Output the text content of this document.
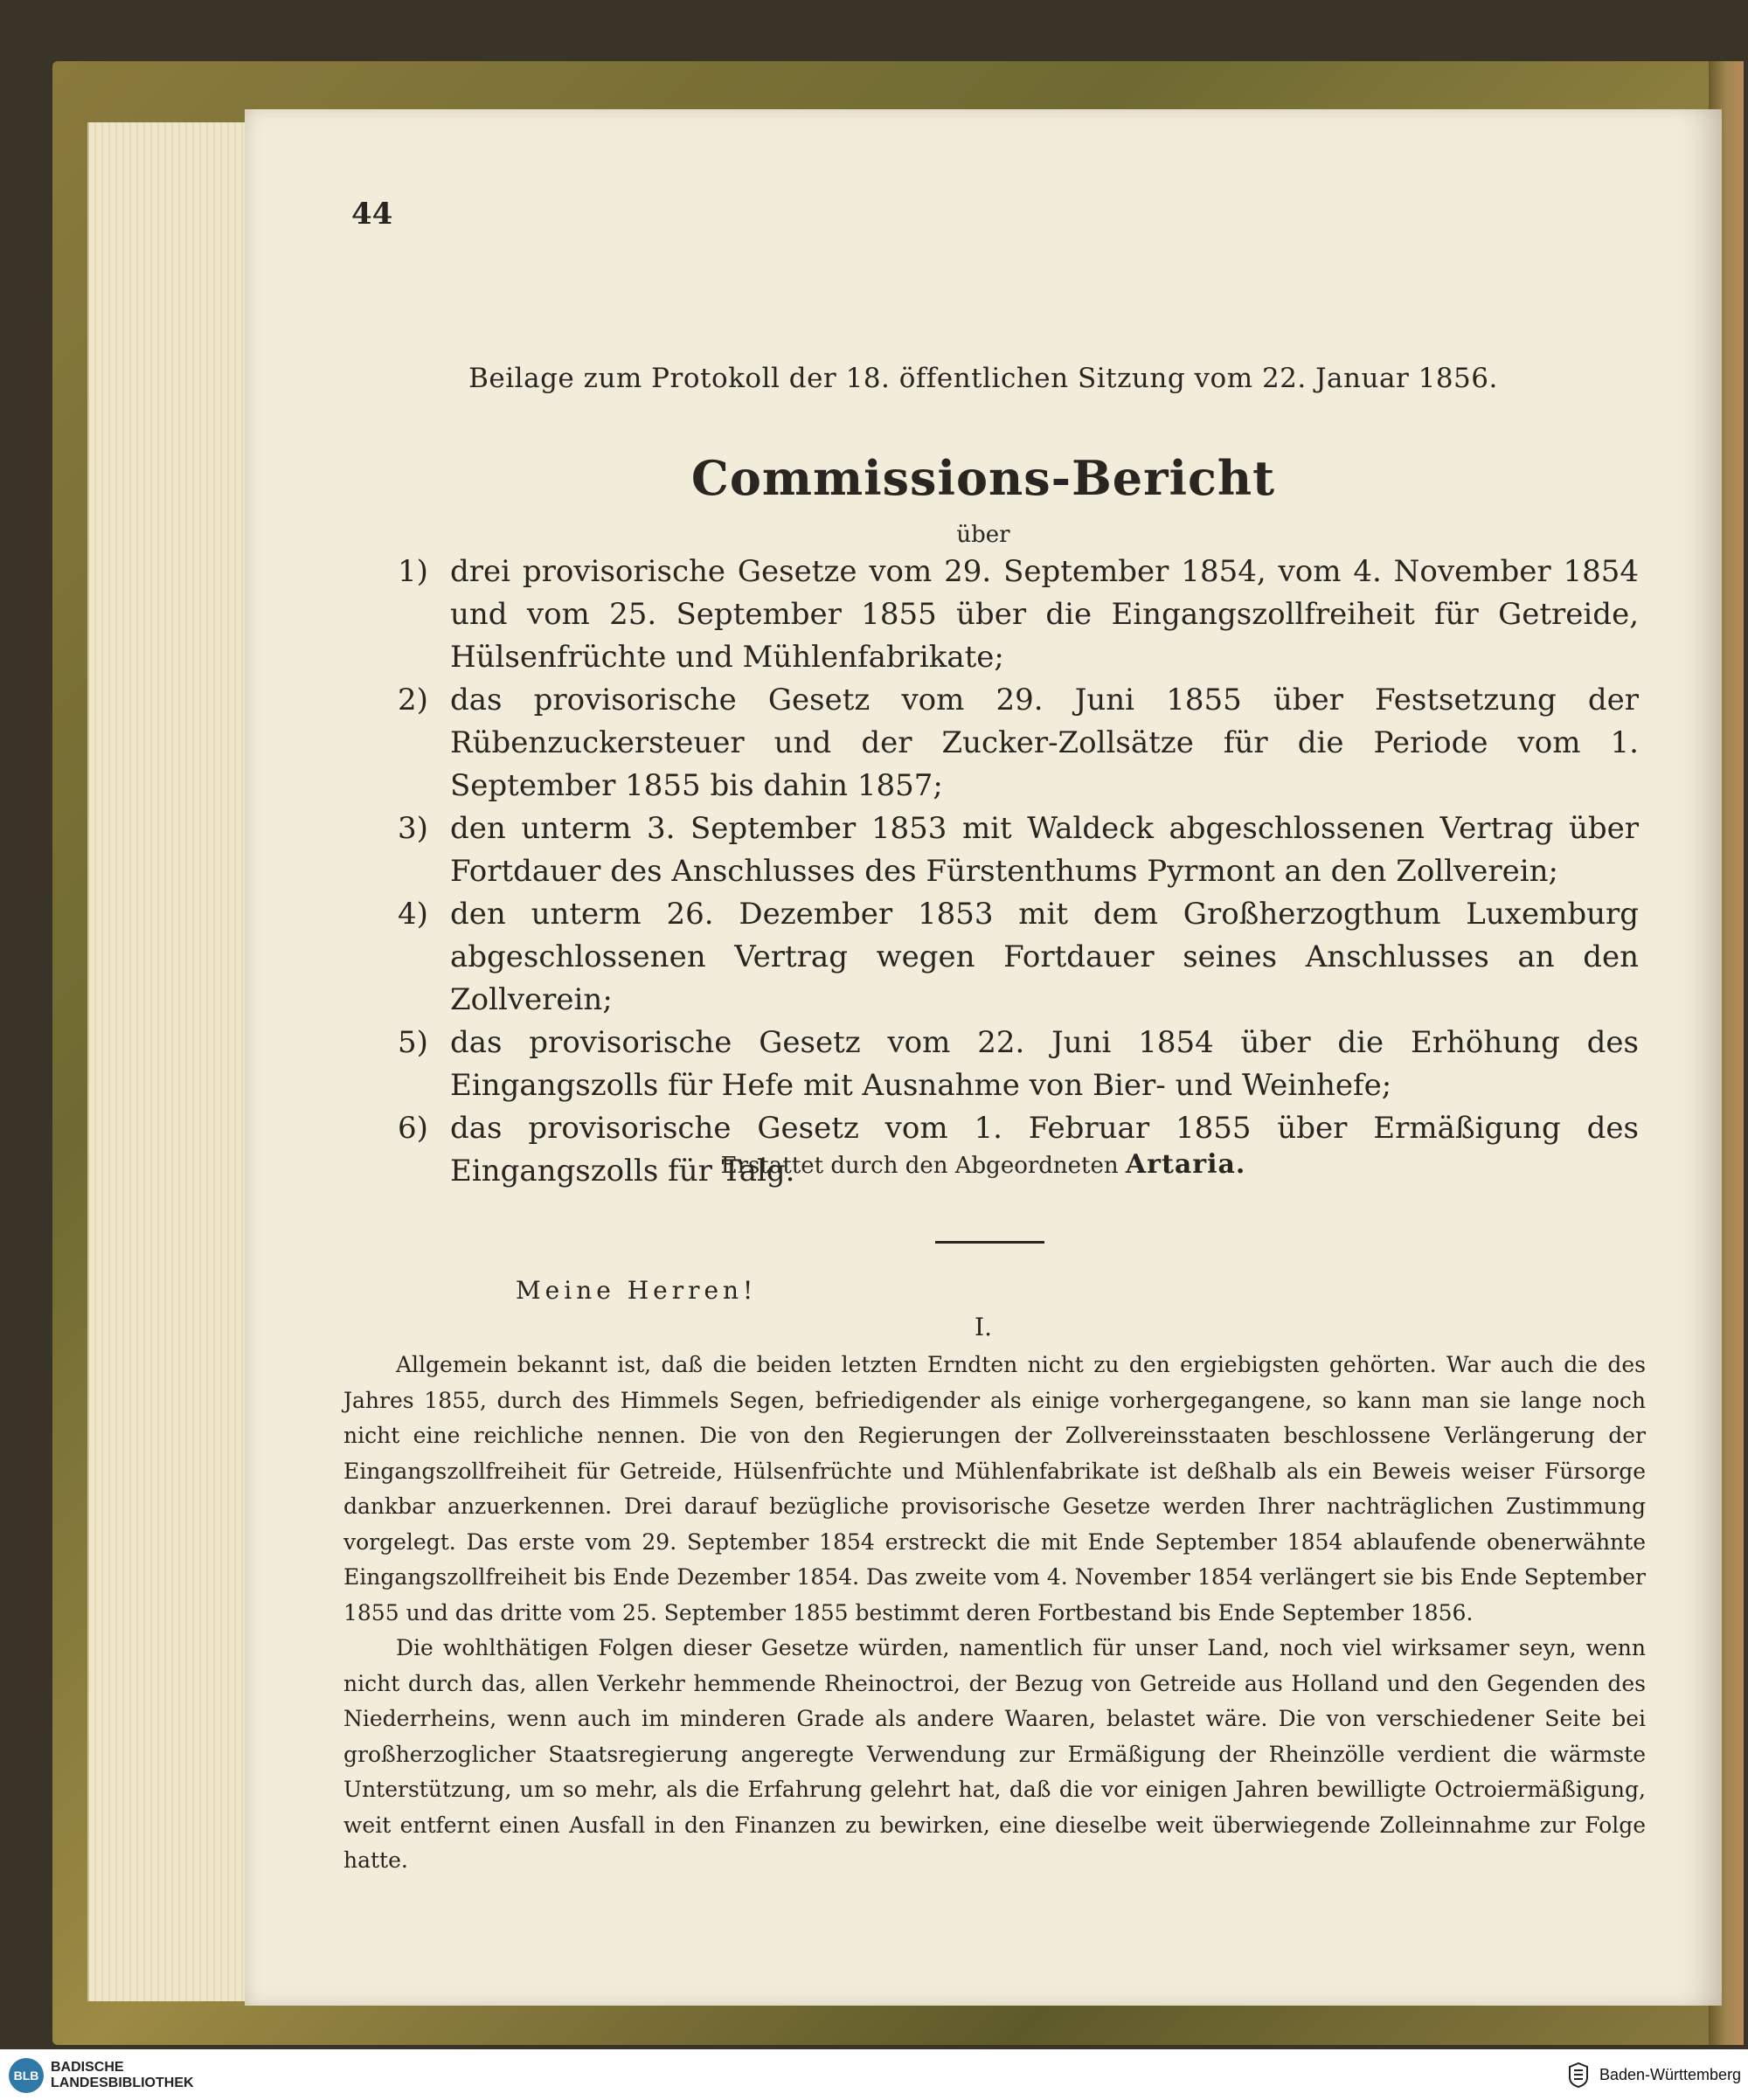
44
Beilage zum Protokoll der 18. öffentlichen Sitzung vom 22. Januar 1856.
Commissions-Bericht
über
1) drei provisorische Gesetze vom 29. September 1854, vom 4. November 1854 und vom 25. September 1855 über die Eingangszollfreiheit für Getreide, Hülsenfrüchte und Mühlenfabrikate;
2) das provisorische Gesetz vom 29. Juni 1855 über Festsetzung der Rübenzuckersteuer und der Zucker-Zollsätze für die Periode vom 1. September 1855 bis dahin 1857;
3) den unterm 3. September 1853 mit Waldeck abgeschlossenen Vertrag über Fortdauer des Anschlusses des Fürstenthums Pyrmont an den Zollverein;
4) den unterm 26. Dezember 1853 mit dem Großherzogthum Luxemburg abgeschlossenen Vertrag wegen Fortdauer seines Anschlusses an den Zollverein;
5) das provisorische Gesetz vom 22. Juni 1854 über die Erhöhung des Eingangszolls für Hefe mit Ausnahme von Bier- und Weinhefe;
6) das provisorische Gesetz vom 1. Februar 1855 über Ermäßigung des Eingangszolls für Talg.
Erstattet durch den Abgeordneten Artaria.
Meine Herren!
I.

Allgemein bekannt ist, daß die beiden letzten Erndten nicht zu den ergiebigsten gehörten. War auch die des Jahres 1855, durch des Himmels Segen, befriedigender als einige vorhergegangene, so kann man sie lange noch nicht eine reichliche nennen. Die von den Regierungen der Zollvereinsstaaten beschlossene Verlängerung der Eingangszollfreiheit für Getreide, Hülsenfrüchte und Mühlenfabrikate ist deßhalb als ein Beweis weiser Fürsorge dankbar anzuerkennen. Drei darauf bezügliche provisorische Gesetze werden Ihrer nachträglichen Zustimmung vorgelegt. Das erste vom 29. September 1854 erstreckt die mit Ende September 1854 ablaufende obenerwähnte Eingangszollfreiheit bis Ende Dezember 1854. Das zweite vom 4. November 1854 verlängert sie bis Ende September 1855 und das dritte vom 25. September 1855 bestimmt deren Fortbestand bis Ende September 1856.

Die wohlthätigen Folgen dieser Gesetze würden, namentlich für unser Land, noch viel wirksamer seyn, wenn nicht durch das, allen Verkehr hemmende Rheinoctroi, der Bezug von Getreide aus Holland und den Gegenden des Niederrheins, wenn auch im minderen Grade als andere Waaren, belastet wäre. Die von verschiedener Seite bei großherzoglicher Staatsregierung angeregte Verwendung zur Ermäßigung der Rheinzölle verdient die wärmste Unterstützung, um so mehr, als die Erfahrung gelehrt hat, daß die vor einigen Jahren bewilligte Octroiermäßigung, weit entfernt einen Ausfall in den Finanzen zu bewirken, eine dieselbe weit überwiegende Zolleinnahme zur Folge hatte.

BLB
BADISCHE
LANDESBIBLIOTHEK	Baden-Württemberg
